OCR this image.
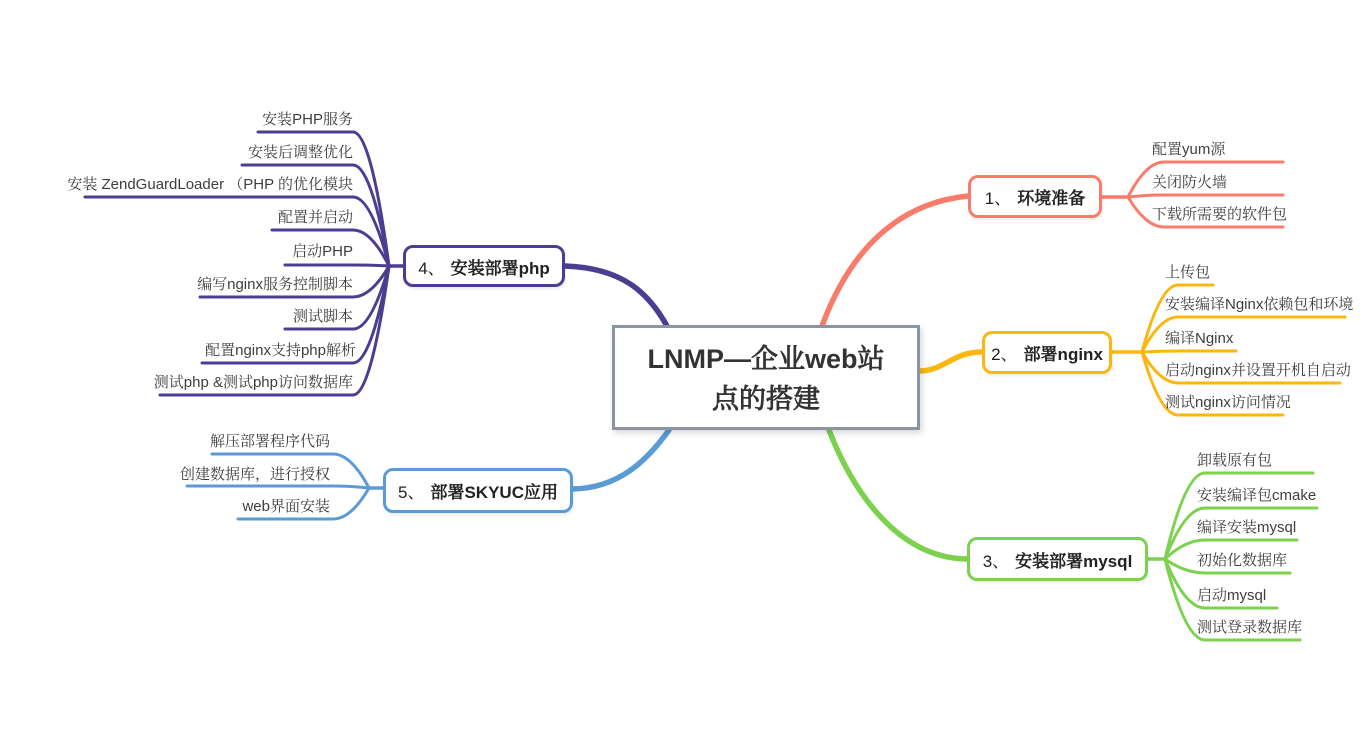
LNMP—企业web站
点的搭建
1、 环境准备
2、 部署nginx
3、 安装部署mysql
4、 安装部署php
5、 部署SKYUC应用
配置yum源
关闭防火墙
下载所需要的软件包
上传包
安装编译Nginx依赖包和环境
编译Nginx
启动nginx并设置开机自启动
测试nginx访问情况
卸载原有包
安装编译包cmake
编译安装mysql
初始化数据库
启动mysql
测试登录数据库
安装PHP服务
安装后调整优化
安装 ZendGuardLoader （PHP 的优化模块
配置并启动
启动PHP
编写nginx服务控制脚本
测试脚本
配置nginx支持php解析
测试php &测试php访问数据库
解压部署程序代码
创建数据库，进行授权
web界面安装
